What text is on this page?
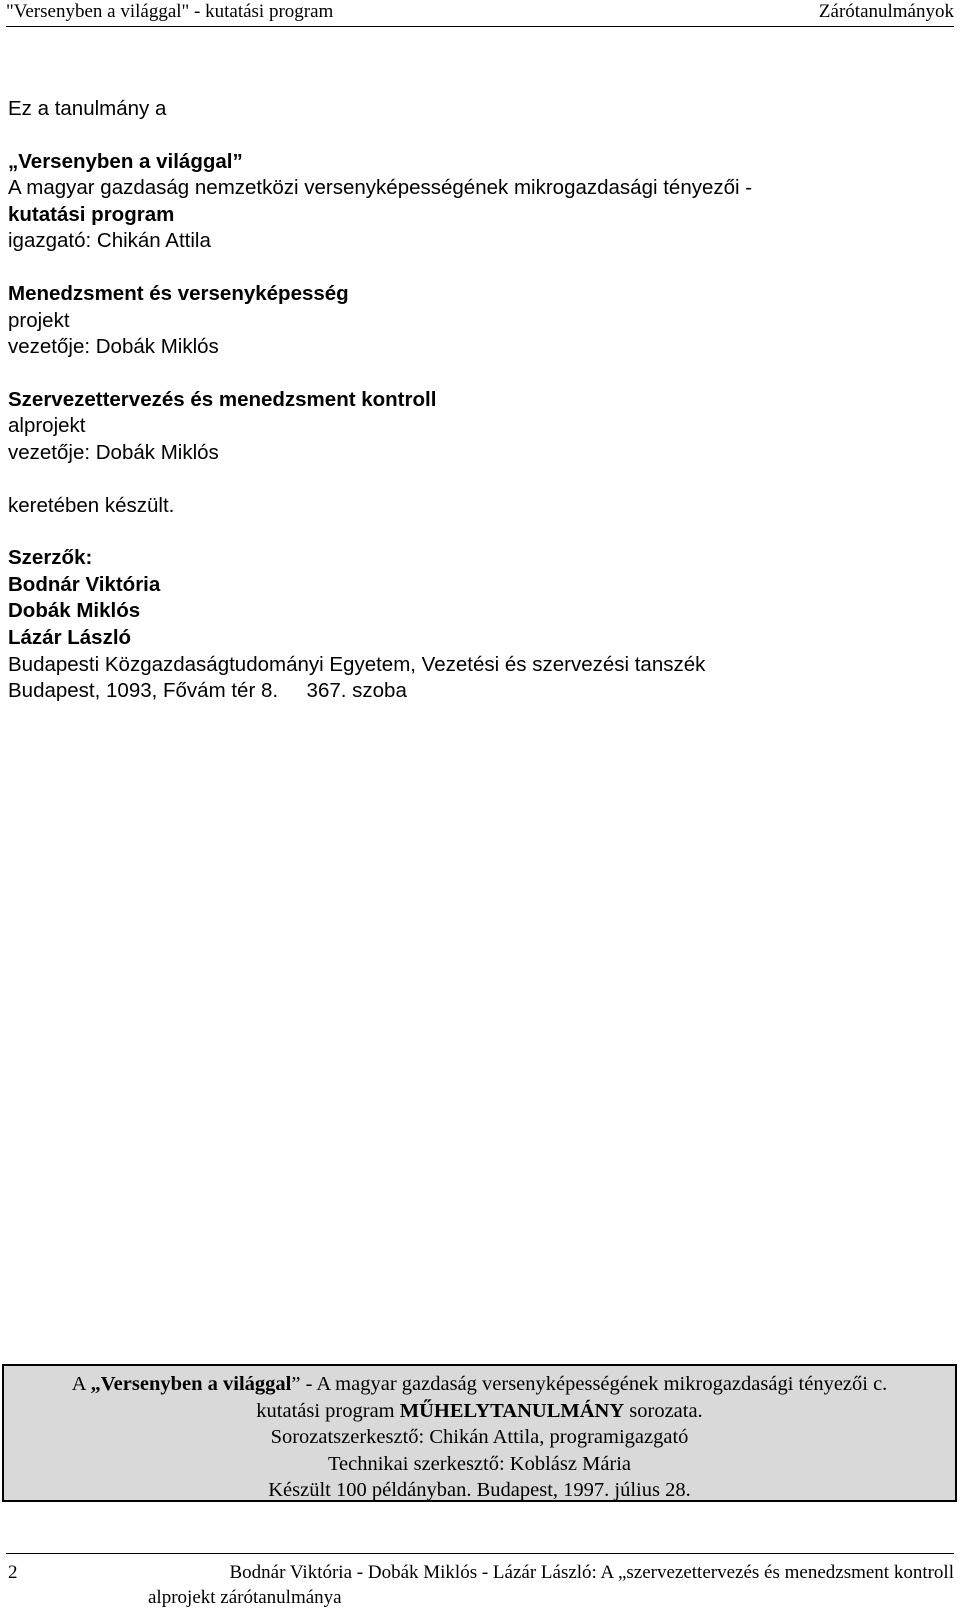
"Versenyben a világgal" - kutatási program	Zárótanulmányok
Ez a tanulmány a
„Versenyben a világgal”
A magyar gazdaság nemzetközi versenyképességének mikrogazdasági tényezői -
kutatási program
igazgató: Chikán Attila
Menedzsment és versenyképesség
projekt
vezetője: Dobák Miklós
Szervezettervezés és menedzsment kontroll
alprojekt
vezetője: Dobák Miklós
keretében készült.
Szerzők:
Bodnár Viktória
Dobák Miklós
Lázár László
Budapesti Közgazdaságtudományi Egyetem, Vezetési és szervezési tanszék
Budapest, 1093, Fővám tér 8.     367. szoba
A „Versenyben a világgal” - A magyar gazdaság versenyképességének mikrogazdasági tényezői c.
kutatási program MŰHELYTANULMÁNY sorozata.
Sorozatszerkesztő: Chikán Attila, programigazgató
Technikai szerkesztő: Koblász Mária
Készült 100 példányban. Budapest, 1997. július 28.
2	Bodnár Viktória - Dobák Miklós - Lázár László: A „szervezettervezés és menedzsment kontroll
alprojekt zárótanulmánya
